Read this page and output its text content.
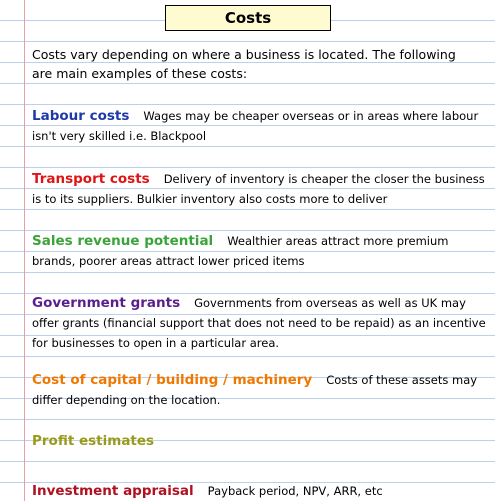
Costs
Costs vary depending on where a business is located. The following are main examples of these costs:
Labour costs Wages may be cheaper overseas or in areas where labour isn't very skilled i.e. Blackpool
Transport costs Delivery of inventory is cheaper the closer the business is to its suppliers. Bulkier inventory also costs more to deliver
Sales revenue potential Wealthier areas attract more premium brands, poorer areas attract lower priced items
Government grants Governments from overseas as well as UK may offer grants (financial support that does not need to be repaid) as an incentive for businesses to open in a particular area.
Cost of capital / building / machinery Costs of these assets may differ depending on the location.
Profit estimates
Investment appraisal Payback period, NPV, ARR, etc
